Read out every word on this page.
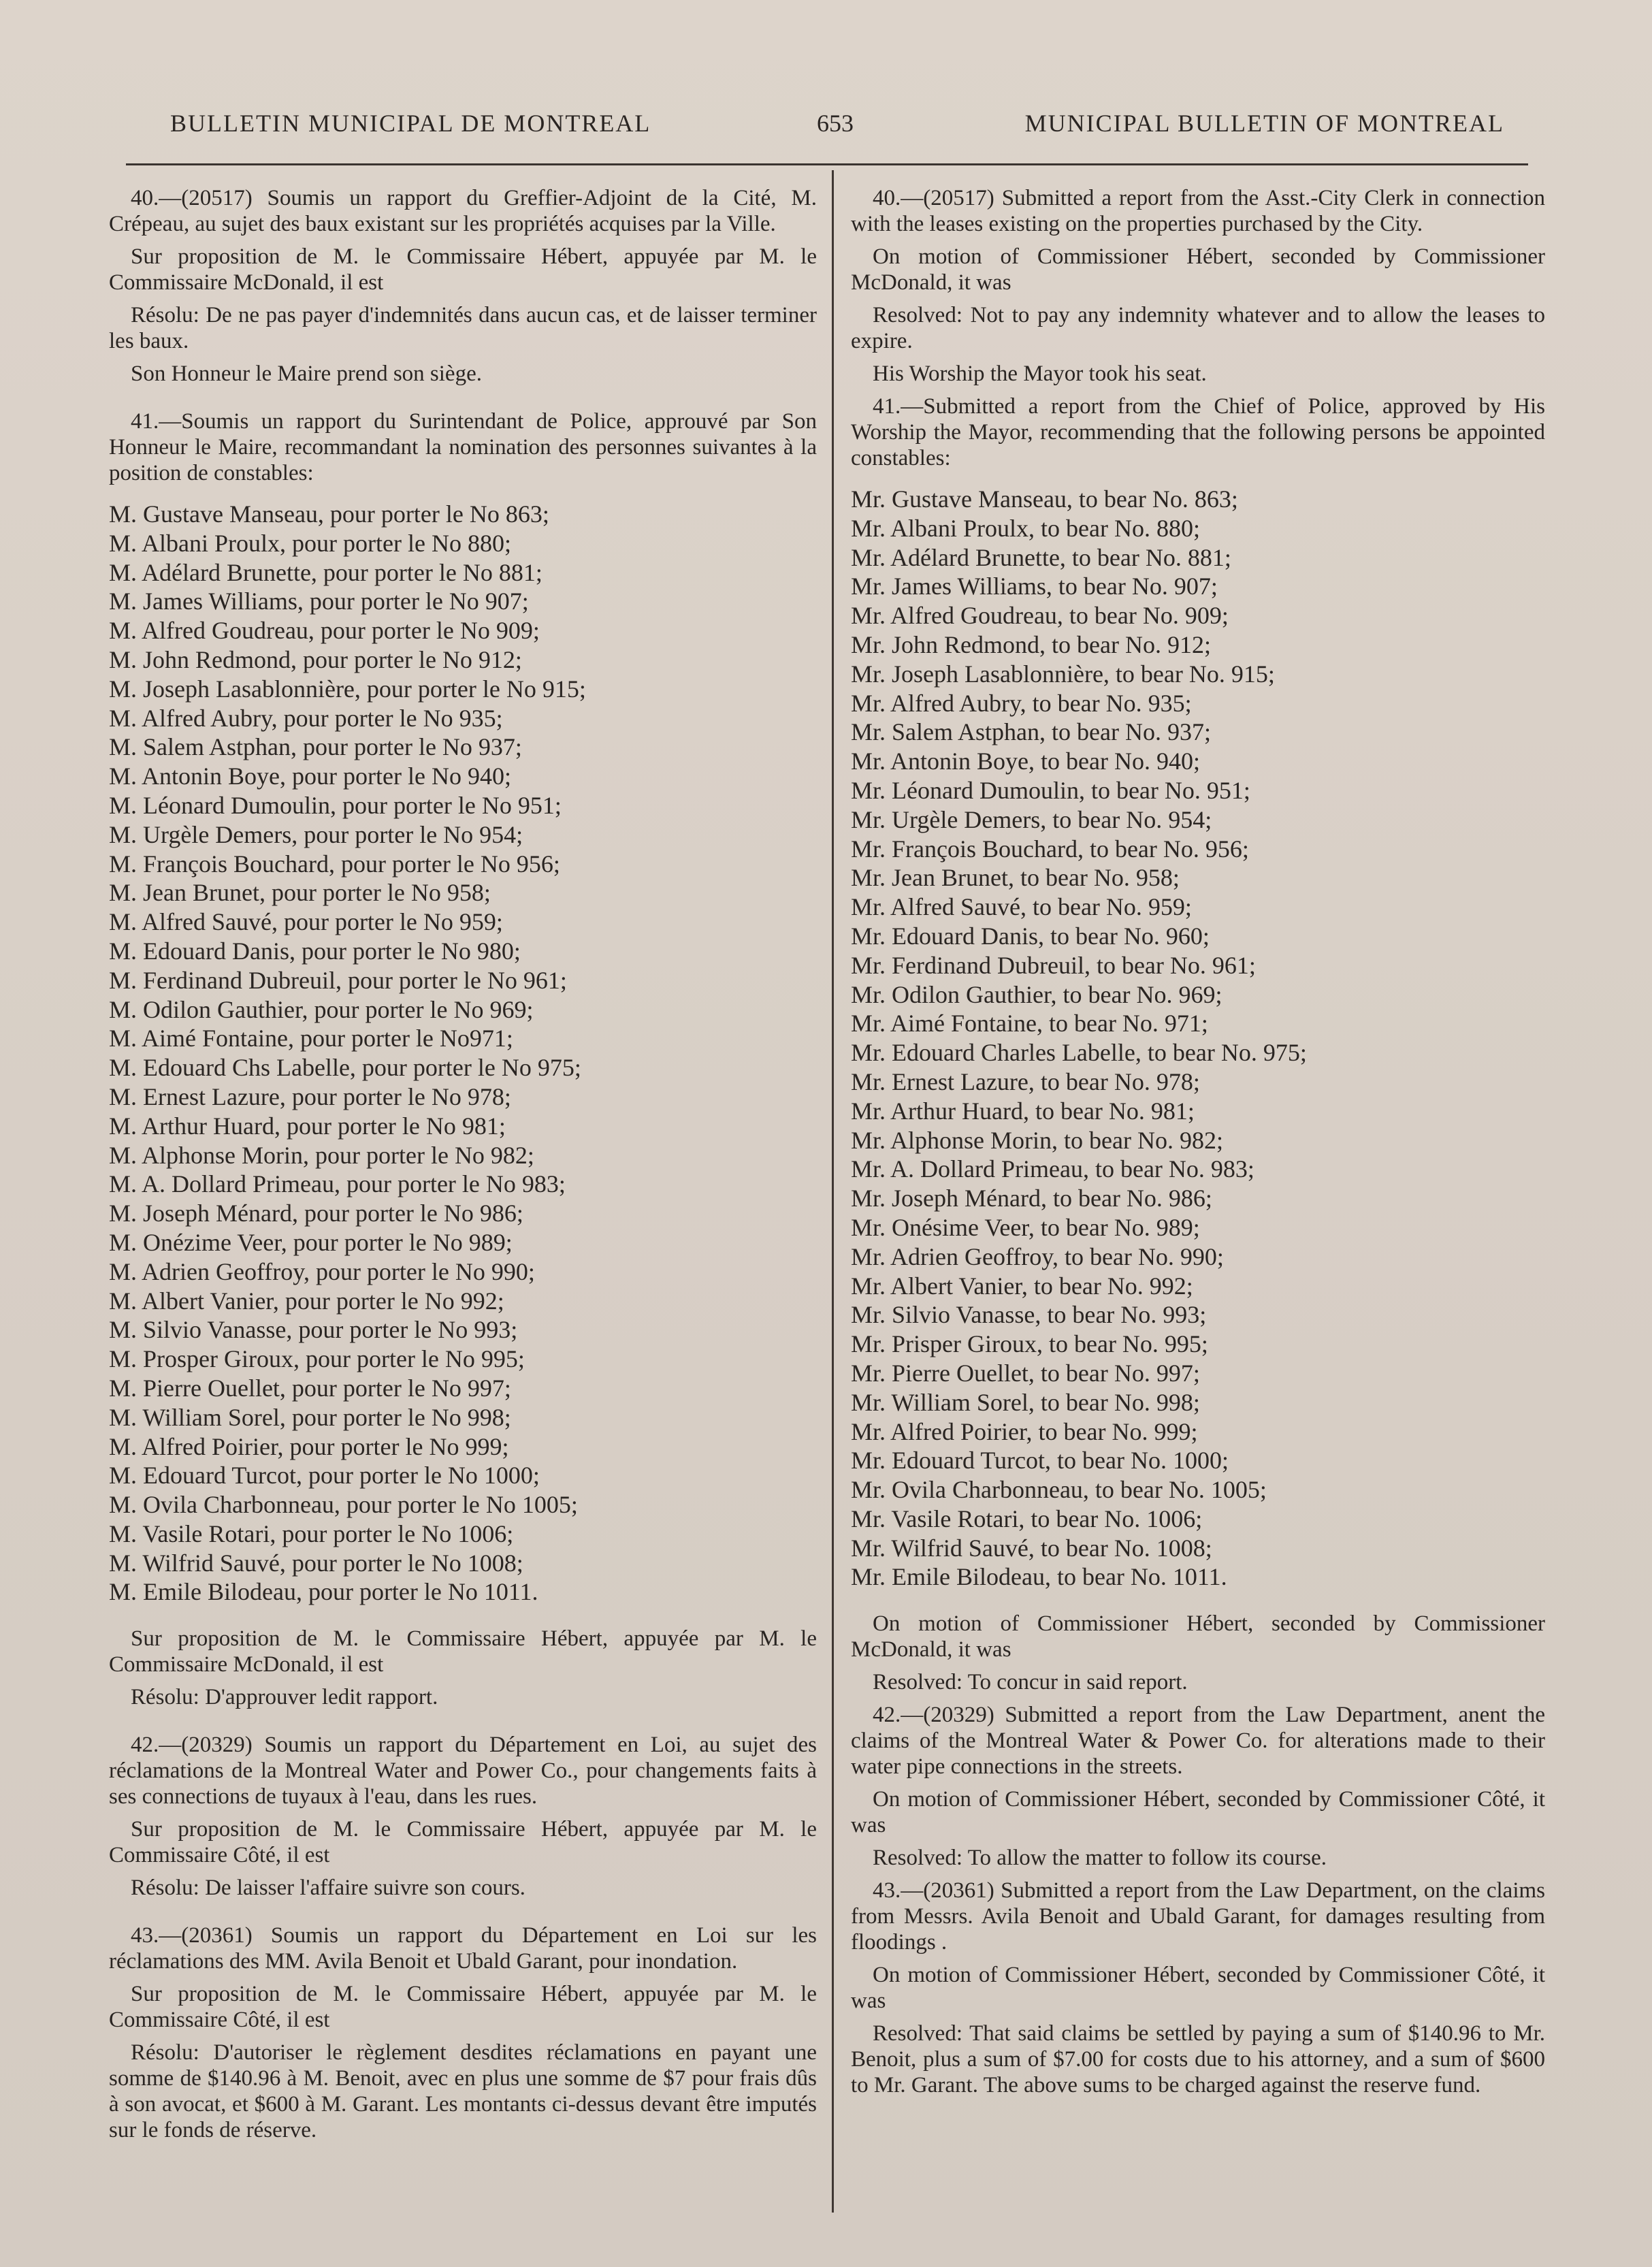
BULLETIN MUNICIPAL DE MONTREAL	653	MUNICIPAL BULLETIN OF MONTREAL

40.—(20517) Soumis un rapport du Greffier-Adjoint de la Cité, M. Crépeau, au sujet des baux existant sur les propriétés acquises par la Ville.

Sur proposition de M. le Commissaire Hébert, appuyée par M. le Commissaire McDonald, il est

Résolu: De ne pas payer d'indemnités dans aucun cas, et de laisser terminer les baux.

Son Honneur le Maire prend son siège.

41.—Soumis un rapport du Surintendant de Police, approuvé par Son Honneur le Maire, recommandant la nomination des personnes suivantes à la position de constables:

M. Gustave Manseau, pour porter le No 863;
M. Albani Proulx, pour porter le No 880;
M. Adélard Brunette, pour porter le No 881;
M. James Williams, pour porter le No 907;
M. Alfred Goudreau, pour porter le No 909;
M. John Redmond, pour porter le No 912;
M. Joseph Lasablonnière, pour porter le No 915;
M. Alfred Aubry, pour porter le No 935;
M. Salem Astphan, pour porter le No 937;
M. Antonin Boye, pour porter le No 940;
M. Léonard Dumoulin, pour porter le No 951;
M. Urgèle Demers, pour porter le No 954;
M. François Bouchard, pour porter le No 956;
M. Jean Brunet, pour porter le No 958;
M. Alfred Sauvé, pour porter le No 959;
M. Edouard Danis, pour porter le No 980;
M. Ferdinand Dubreuil, pour porter le No 961;
M. Odilon Gauthier, pour porter le No 969;
M. Aimé Fontaine, pour porter le No971;
M. Edouard Chs Labelle, pour porter le No 975;
M. Ernest Lazure, pour porter le No 978;
M. Arthur Huard, pour porter le No 981;
M. Alphonse Morin, pour porter le No 982;
M. A. Dollard Primeau, pour porter le No 983;
M. Joseph Ménard, pour porter le No 986;
M. Onézime Veer, pour porter le No 989;
M. Adrien Geoffroy, pour porter le No 990;
M. Albert Vanier, pour porter le No 992;
M. Silvio Vanasse, pour porter le No 993;
M. Prosper Giroux, pour porter le No 995;
M. Pierre Ouellet, pour porter le No 997;
M. William Sorel, pour porter le No 998;
M. Alfred Poirier, pour porter le No 999;
M. Edouard Turcot, pour porter le No 1000;
M. Ovila Charbonneau, pour porter le No 1005;
M. Vasile Rotari, pour porter le No 1006;
M. Wilfrid Sauvé, pour porter le No 1008;
M. Emile Bilodeau, pour porter le No 1011.

Sur proposition de M. le Commissaire Hébert, appuyée par M. le Commissaire McDonald, il est

Résolu: D'approuver ledit rapport.

42.—(20329) Soumis un rapport du Département en Loi, au sujet des réclamations de la Montreal Water and Power Co., pour changements faits à ses connections de tuyaux à l'eau, dans les rues.

Sur proposition de M. le Commissaire Hébert, appuyée par M. le Commissaire Côté, il est

Résolu: De laisser l'affaire suivre son cours.

43.—(20361) Soumis un rapport du Département en Loi sur les réclamations des MM. Avila Benoit et Ubald Garant, pour inondation.

Sur proposition de M. le Commissaire Hébert, appuyée par M. le Commissaire Côté, il est

Résolu: D'autoriser le règlement desdites réclamations en payant une somme de $140.96 à M. Benoit, avec en plus une somme de $7 pour frais dûs à son avocat, et $600 à M. Garant. Les montants ci-dessus devant être imputés sur le fonds de réserve.

40.—(20517) Submitted a report from the Asst.-City Clerk in connection with the leases existing on the properties purchased by the City.

On motion of Commissioner Hébert, seconded by Commissioner McDonald, it was

Resolved: Not to pay any indemnity whatever and to allow the leases to expire.

His Worship the Mayor took his seat.

41.—Submitted a report from the Chief of Police, approved by His Worship the Mayor, recommending that the following persons be appointed constables:

Mr. Gustave Manseau, to bear No. 863;
Mr. Albani Proulx, to bear No. 880;
Mr. Adélard Brunette, to bear No. 881;
Mr. James Williams, to bear No. 907;
Mr. Alfred Goudreau, to bear No. 909;
Mr. John Redmond, to bear No. 912;
Mr. Joseph Lasablonnière, to bear No. 915;
Mr. Alfred Aubry, to bear No. 935;
Mr. Salem Astphan, to bear No. 937;
Mr. Antonin Boye, to bear No. 940;
Mr. Léonard Dumoulin, to bear No. 951;
Mr. Urgèle Demers, to bear No. 954;
Mr. François Bouchard, to bear No. 956;
Mr. Jean Brunet, to bear No. 958;
Mr. Alfred Sauvé, to bear No. 959;
Mr. Edouard Danis, to bear No. 960;
Mr. Ferdinand Dubreuil, to bear No. 961;
Mr. Odilon Gauthier, to bear No. 969;
Mr. Aimé Fontaine, to bear No. 971;
Mr. Edouard Charles Labelle, to bear No. 975;
Mr. Ernest Lazure, to bear No. 978;
Mr. Arthur Huard, to bear No. 981;
Mr. Alphonse Morin, to bear No. 982;
Mr. A. Dollard Primeau, to bear No. 983;
Mr. Joseph Ménard, to bear No. 986;
Mr. Onésime Veer, to bear No. 989;
Mr. Adrien Geoffroy, to bear No. 990;
Mr. Albert Vanier, to bear No. 992;
Mr. Silvio Vanasse, to bear No. 993;
Mr. Prisper Giroux, to bear No. 995;
Mr. Pierre Ouellet, to bear No. 997;
Mr. William Sorel, to bear No. 998;
Mr. Alfred Poirier, to bear No. 999;
Mr. Edouard Turcot, to bear No. 1000;
Mr. Ovila Charbonneau, to bear No. 1005;
Mr. Vasile Rotari, to bear No. 1006;
Mr. Wilfrid Sauvé, to bear No. 1008;
Mr. Emile Bilodeau, to bear No. 1011.

On motion of Commissioner Hébert, seconded by Commissioner McDonald, it was

Resolved: To concur in said report.

42.—(20329) Submitted a report from the Law Department, anent the claims of the Montreal Water & Power Co. for alterations made to their water pipe connections in the streets.

On motion of Commissioner Hébert, seconded by Commissioner Côté, it was

Resolved: To allow the matter to follow its course.

43.—(20361) Submitted a report from the Law Department, on the claims from Messrs. Avila Benoit and Ubald Garant, for damages resulting from floodings .

On motion of Commissioner Hébert, seconded by Commissioner Côté, it was

Resolved: That said claims be settled by paying a sum of $140.96 to Mr. Benoit, plus a sum of $7.00 for costs due to his attorney, and a sum of $600 to Mr. Garant. The above sums to be charged against the reserve fund.
